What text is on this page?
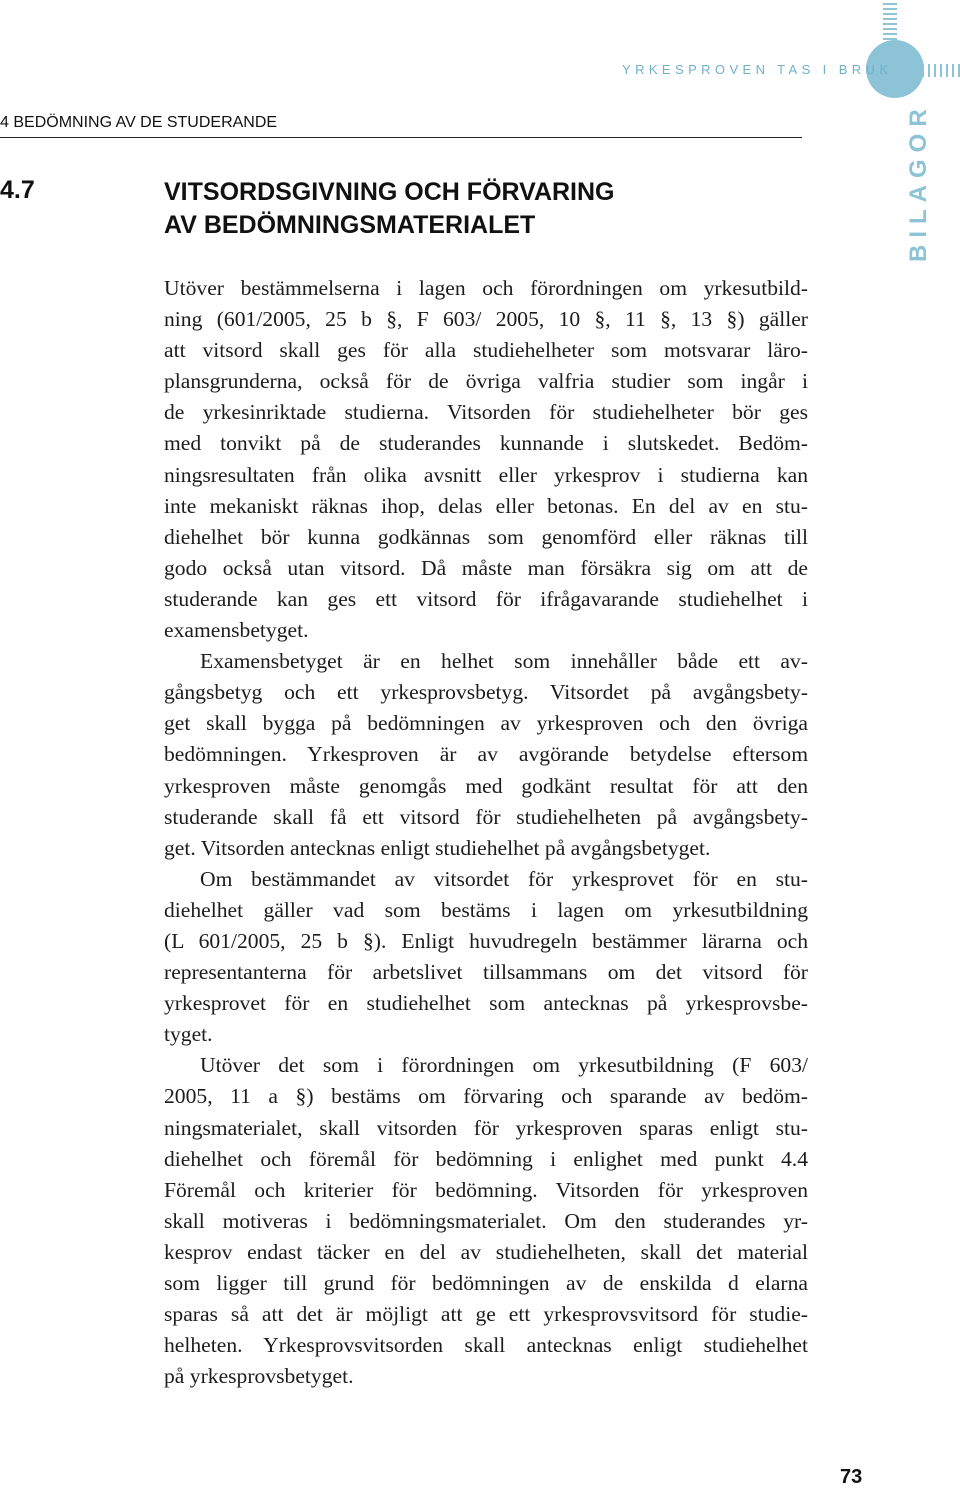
YRKESPROVEN TAS I BRUK
BILAGOR
4 BEDÖMNING AV DE STUDERANDE
4.7	VITSORDSGIVNING OCH FÖRVARING
AV BEDÖMNINGSMATERIALET

Utöver bestämmelserna i lagen och förordningen om yrkesutbild-
ning (601/2005, 25 b §, F 603/ 2005, 10 §, 11 §, 13 §) gäller
att vitsord skall ges för alla studiehelheter som motsvarar läro-
plansgrunderna, också för de övriga valfria studier som ingår i
de yrkesinriktade studierna. Vitsorden för studiehelheter bör ges
med tonvikt på de studerandes kunnande i slutskedet. Bedöm-
ningsresultaten från olika avsnitt eller yrkesprov i studierna kan
inte mekaniskt räknas ihop, delas eller betonas. En del av en stu-
diehelhet bör kunna godkännas som genomförd eller räknas till
godo också utan vitsord. Då måste man försäkra sig om att de
studerande kan ges ett vitsord för ifrågavarande studiehelhet i
examensbetyget.

Examensbetyget är en helhet som innehåller både ett av-
gångsbetyg och ett yrkesprovsbetyg. Vitsordet på avgångsbety-
get skall bygga på bedömningen av yrkesproven och den övriga
bedömningen. Yrkesproven är av avgörande betydelse eftersom
yrkesproven måste genomgås med godkänt resultat för att den
studerande skall få ett vitsord för studiehelheten på avgångsbety-
get. Vitsorden antecknas enligt studiehelhet på avgångsbetyget.

Om bestämmandet av vitsordet för yrkesprovet för en stu-
diehelhet gäller vad som bestäms i lagen om yrkesutbildning
(L 601/2005, 25 b §). Enligt huvudregeln bestämmer lärarna och
representanterna för arbetslivet tillsammans om det vitsord för
yrkesprovet för en studiehelhet som antecknas på yrkesprovsbe-
tyget.

Utöver det som i förordningen om yrkesutbildning (F 603/
2005, 11 a §) bestäms om förvaring och sparande av bedöm-
ningsmaterialet, skall vitsorden för yrkesproven sparas enligt stu-
diehelhet och föremål för bedömning i enlighet med punkt 4.4
Föremål och kriterier för bedömning. Vitsorden för yrkesproven
skall motiveras i bedömningsmaterialet. Om den studerandes yr-
kesprov endast täcker en del av studiehelheten, skall det material
som ligger till grund för bedömningen av de enskilda d elarna
sparas så att det är möjligt att ge ett yrkesprovsvitsord för studie-
helheten. Yrkesprovsvitsorden skall antecknas enligt studiehelhet
på yrkesprovsbetyget.

73
